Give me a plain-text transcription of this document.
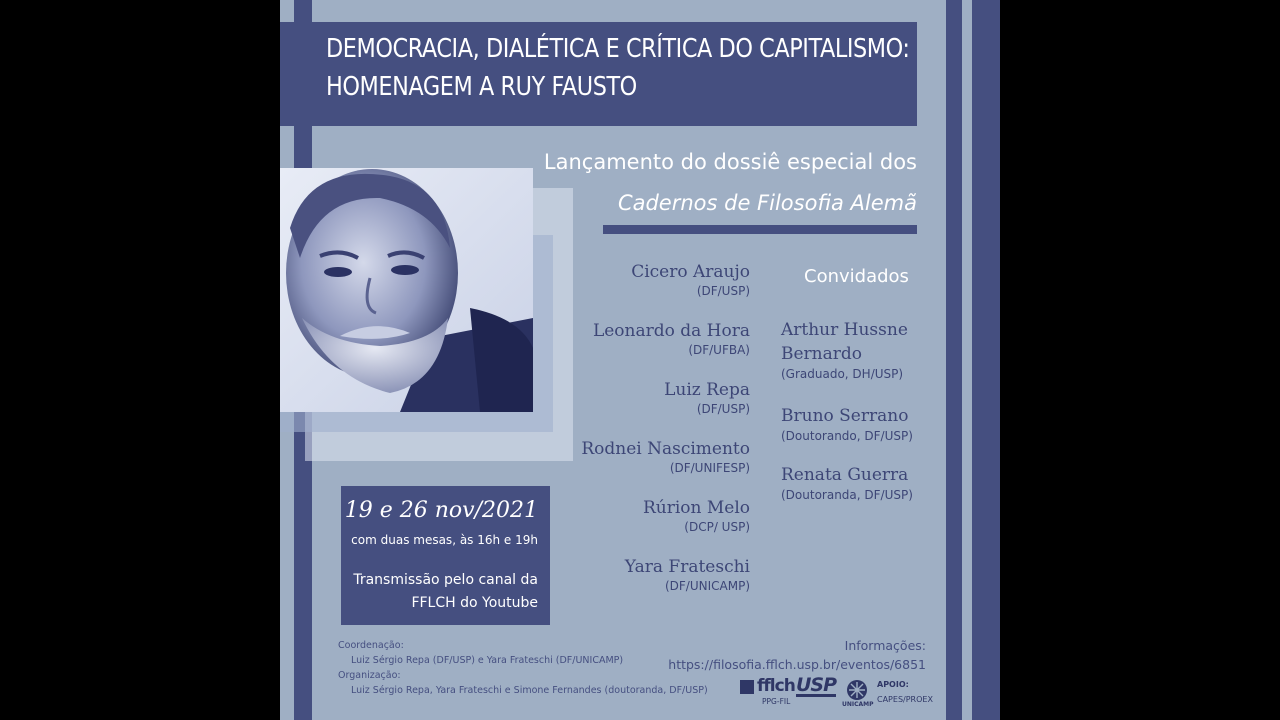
DEMOCRACIA, DIALÉTICA E CRÍTICA DO CAPITALISMO:
HOMENAGEM A RUY FAUSTO
Lançamento do dossiê especial dos
Cadernos de Filosofia Alemã
Cicero Araujo
(DF/USP)
Leonardo da Hora
(DF/UFBA)
Luiz Repa
(DF/USP)
Rodnei Nascimento
(DF/UNIFESP)
Rúrion Melo
(DCP/ USP)
Yara Frateschi
(DF/UNICAMP)
Convidados
Arthur Hussne
Bernardo
(Graduado, DH/USP)
Bruno Serrano
(Doutorando, DF/USP)
Renata Guerra
(Doutoranda, DF/USP)
19 e 26 nov/2021
com duas mesas, às 16h e 19h
Transmissão pelo canal da
FFLCH do Youtube
Coordenação:
Luiz Sérgio Repa (DF/USP) e Yara Frateschi (DF/UNICAMP)
Organização:
Luiz Sérgio Repa, Yara Frateschi e Simone Fernandes (doutoranda, DF/USP)
Informações:
https://filosofia.fflch.usp.br/eventos/6851
fflch
PPG-FIL
USP
UNICAMP
APOIO:
CAPES/PROEX
